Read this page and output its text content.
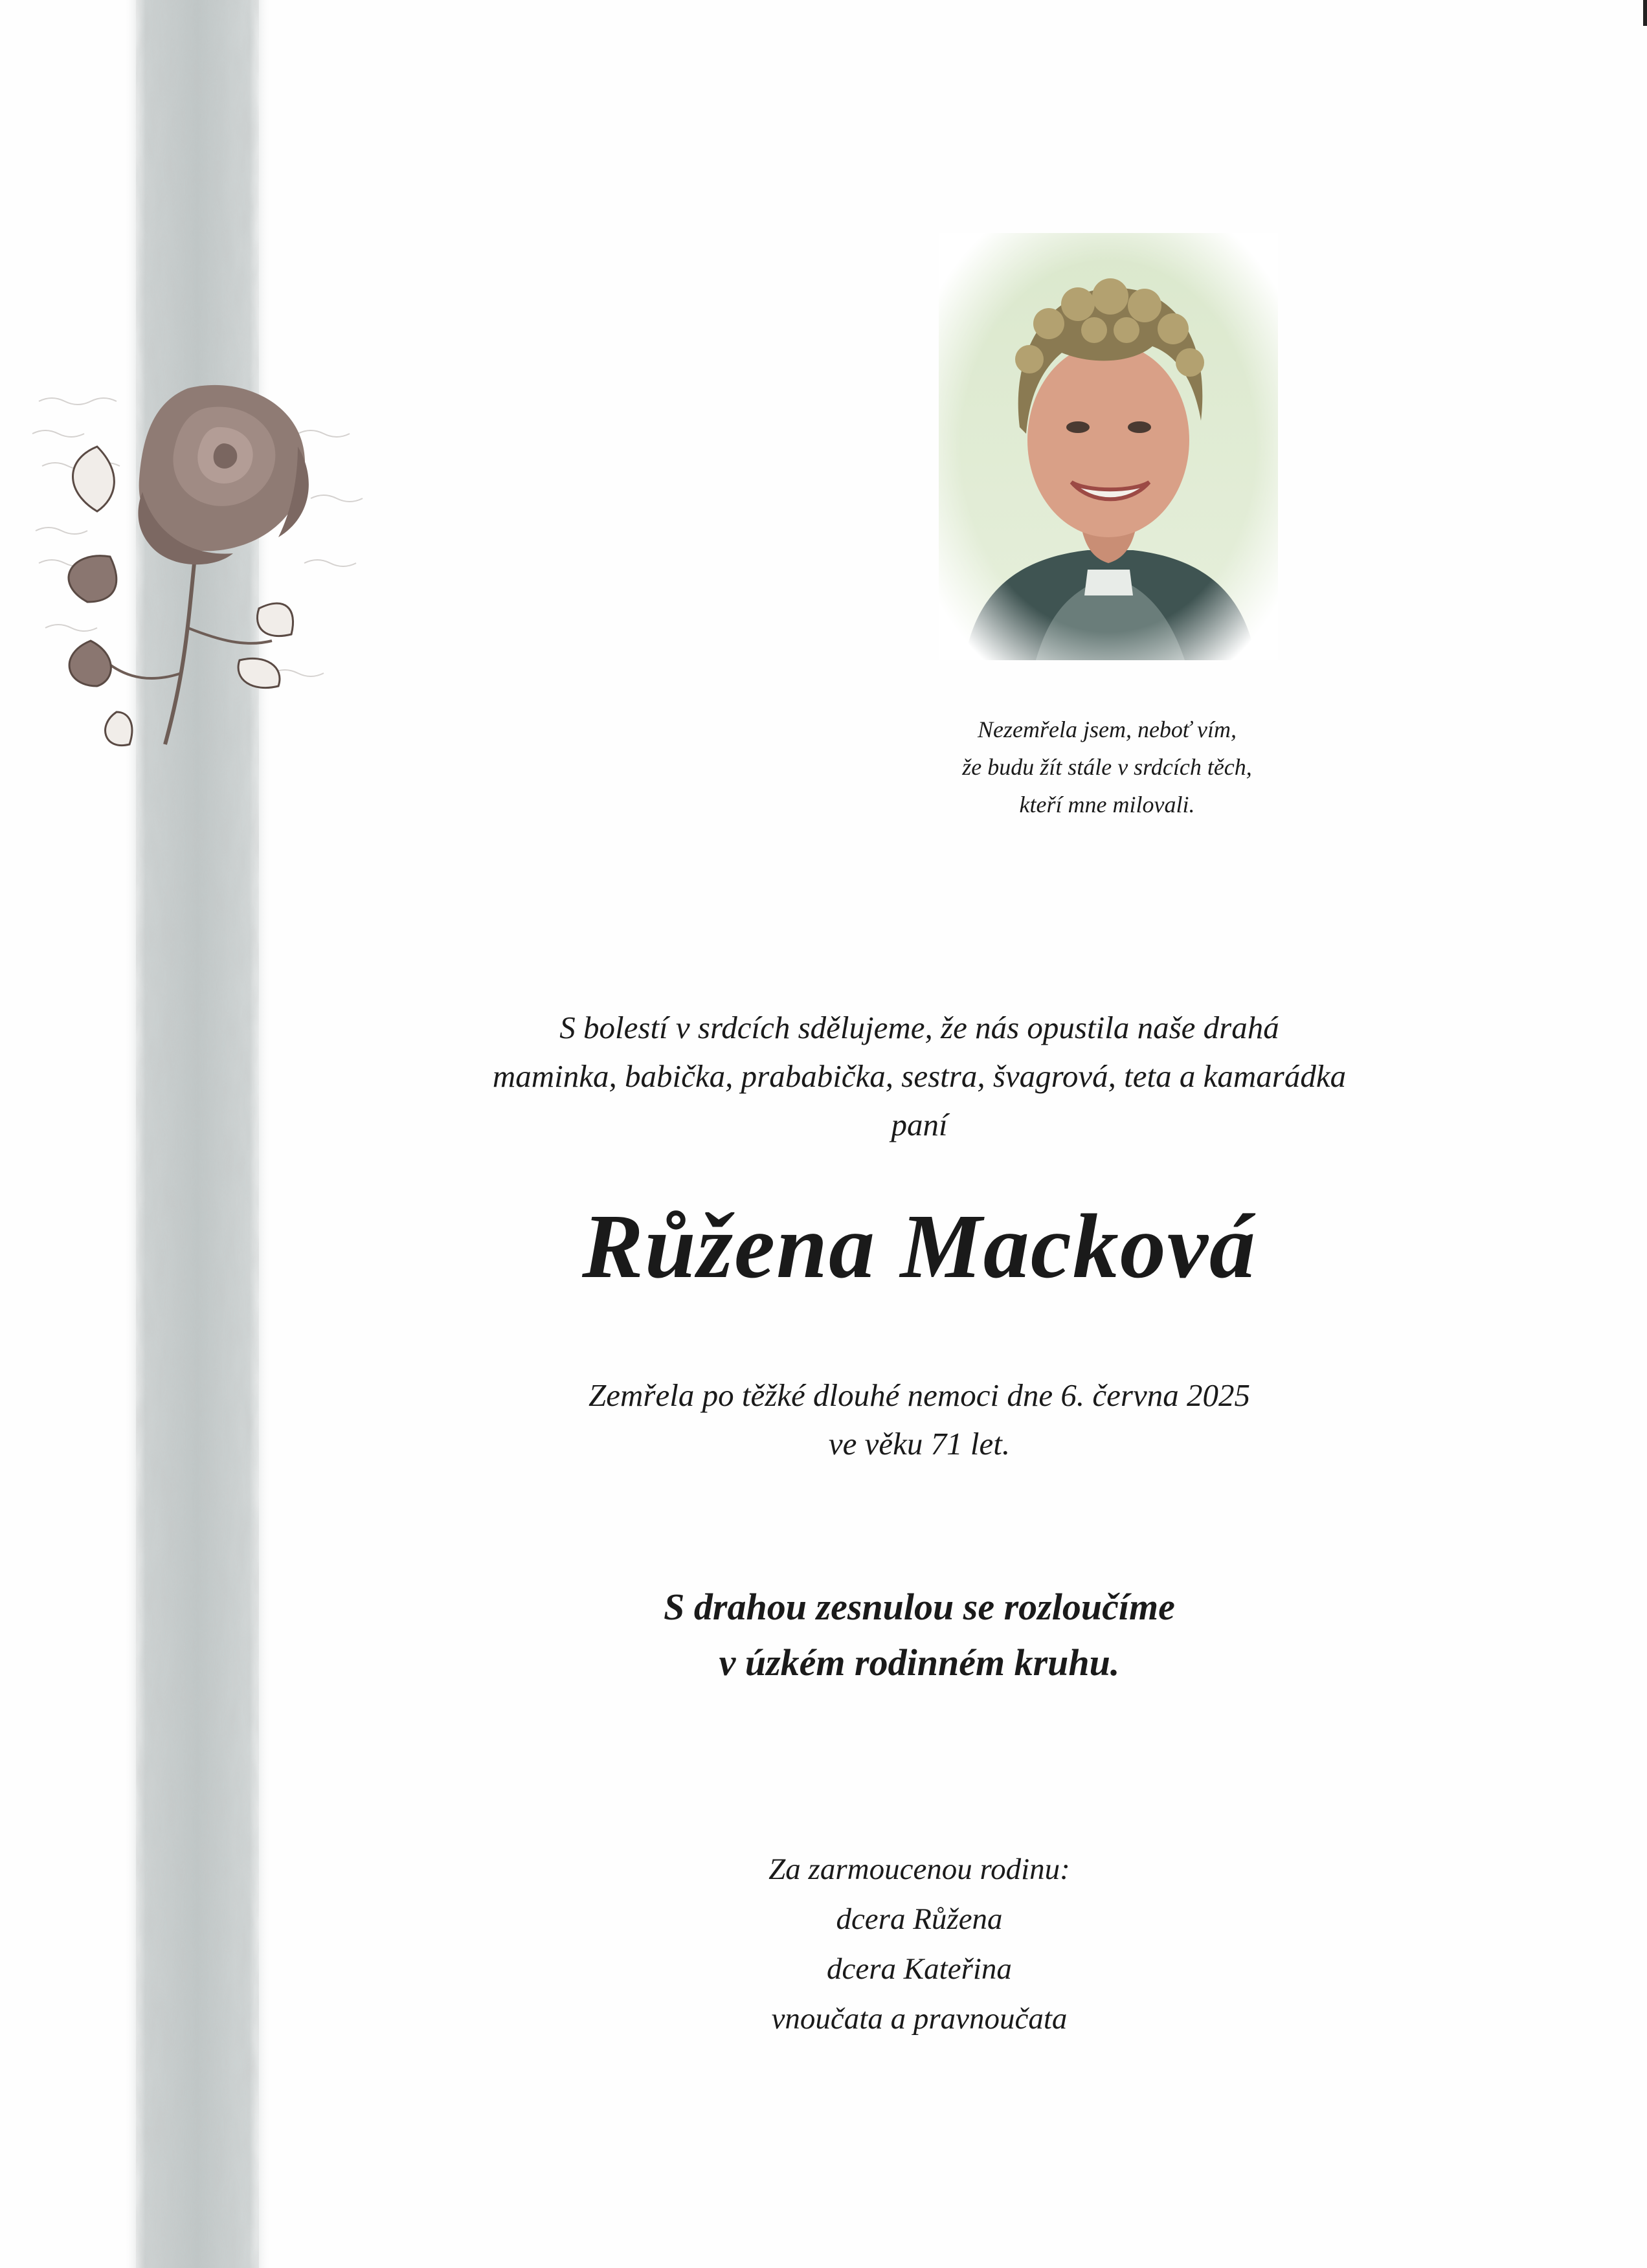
Nezemřela jsem, neboť vím,
že budu žít stále v srdcích těch,
kteří mne milovali.
S bolestí v srdcích sdělujeme, že nás opustila naše drahá
maminka, babička, prababička, sestra, švagrová, teta a kamarádka
paní
Růžena Macková
Zemřela po těžké dlouhé nemoci dne 6. června 2025
ve věku 71 let.
S drahou zesnulou se rozloučíme
v úzkém rodinném kruhu.
Za zarmoucenou rodinu:
dcera Růžena
dcera Kateřina
vnoučata a pravnoučata
